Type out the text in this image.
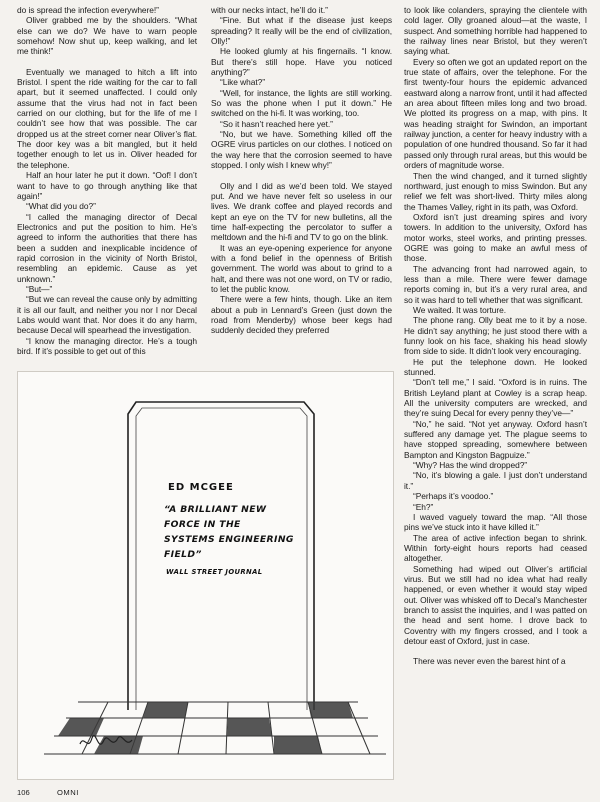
do is spread the infection everywhere!”

Oliver grabbed me by the shoulders. “What else can we do? We have to warn people somehow! Now shut up, keep walking, and let me think!”

Eventually we managed to hitch a lift into Bristol. I spent the ride waiting for the car to fall apart, but it seemed unaffected. I could only assume that the virus had not in fact been carried on our clothing, but for the life of me I couldn’t see how that was possible. The car dropped us at the street corner near Oliver’s flat. The door key was a bit mangled, but it held together enough to let us in. Oliver headed for the telephone.

Half an hour later he put it down. “Oof! I don’t want to have to go through anything like that again!”

“What did you do?”

“I called the managing director of Decal Electronics and put the position to him. He’s agreed to inform the authorities that there has been a sudden and inexplicable incidence of rapid corrosion in the vicinity of North Bristol, resembling an epidemic. Cause as yet unknown.”

“But—”

“But we can reveal the cause only by admitting it is all our fault, and neither you nor I nor Decal Labs would want that. Nor does it do any harm, because Decal will spearhead the investigation.

“I know the managing director. He’s a tough bird. If it’s possible to get out of this

with our necks intact, he’ll do it.”

“Fine. But what if the disease just keeps spreading? It really will be the end of civilization, Olly!”

He looked glumly at his fingernails. “I know. But there’s still hope. Have you noticed anything?”

“Like what?”

“Well, for instance, the lights are still working. So was the phone when I put it down.” He switched on the hi-fi. It was working, too.

“So it hasn’t reached here yet.”

“No, but we have. Something killed off the OGRE virus particles on our clothes. I noticed on the way here that the corrosion seemed to have stopped. I only wish I knew why!”

Olly and I did as we’d been told. We stayed put. And we have never felt so useless in our lives. We drank coffee and played records and kept an eye on the TV for new bulletins, all the time half-expecting the percolator to suffer a meltdown and the hi-fi and TV to go on the blink.

It was an eye-opening experience for anyone with a fond belief in the openness of British government. The world was about to grind to a halt, and there was not one word, on TV or radio, to let the public know.

There were a few hints, though. Like an item about a pub in Lennard’s Green (just down the road from Menderby) whose beer kegs had suddenly decided they preferred

to look like colanders, spraying the clientele with cold lager. Olly groaned aloud—at the waste, I suspect. And something horrible had happened to the railway lines near Bristol, but they weren’t saying what.

Every so often we got an updated report on the true state of affairs, over the telephone. For the first twenty-four hours the epidemic advanced eastward along a narrow front, until it had affected an area about fifteen miles long and two broad. We plotted its progress on a map, with pins. It was heading straight for Swindon, an important railway junction, a center for heavy industry with a population of one hundred thousand. So far it had passed only through rural areas, but this would be orders of magnitude worse.

Then the wind changed, and it turned slightly northward, just enough to miss Swindon. But any relief we felt was short-lived. Thirty miles along the Thames Valley, right in its path, was Oxford.

Oxford isn’t just dreaming spires and ivory towers. In addition to the university, Oxford has motor works, steel works, and printing presses. OGRE was going to make an awful mess of those.

The advancing front had narrowed again, to less than a mile. There were fewer damage reports coming in, but it’s a very rural area, and so it was hard to tell whether that was significant.

We waited. It was torture.

The phone rang. Olly beat me to it by a nose. He didn’t say anything; he just stood there with a funny look on his face, shaking his head slowly from side to side. It didn’t look very encouraging.

He put the telephone down. He looked stunned.

“Don’t tell me,” I said. “Oxford is in ruins. The British Leyland plant at Cowley is a scrap heap. All the university computers are wrecked, and they’re suing Decal for every penny they’ve—”

“No,” he said. “Not yet anyway. Oxford hasn’t suffered any damage yet. The plague seems to have stopped spreading, somewhere between Bampton and Kingston Bagpuize.”

“Why? Has the wind dropped?”

“No, it’s blowing a gale. I just don’t understand it.”

“Perhaps it’s voodoo.”

“Eh?”

I waved vaguely toward the map. “All those pins we’ve stuck into it have killed it.”

The area of active infection began to shrink. Within forty-eight hours reports had ceased altogether.

Something had wiped out Oliver’s artificial virus. But we still had no idea what had really happened, or even whether it would stay wiped out. Oliver was whisked off to Decal’s Manchester branch to assist the inquiries, and I was patted on the head and sent home. I drove back to Coventry with my fingers crossed, and I took a detour east of Oxford, just in case.

There was never even the barest hint of a

ED MCGEE
“A BRILLIANT NEW FORCE IN THE SYSTEMS ENGINEERING FIELD”
WALL STREET JOURNAL
106	OMNI
